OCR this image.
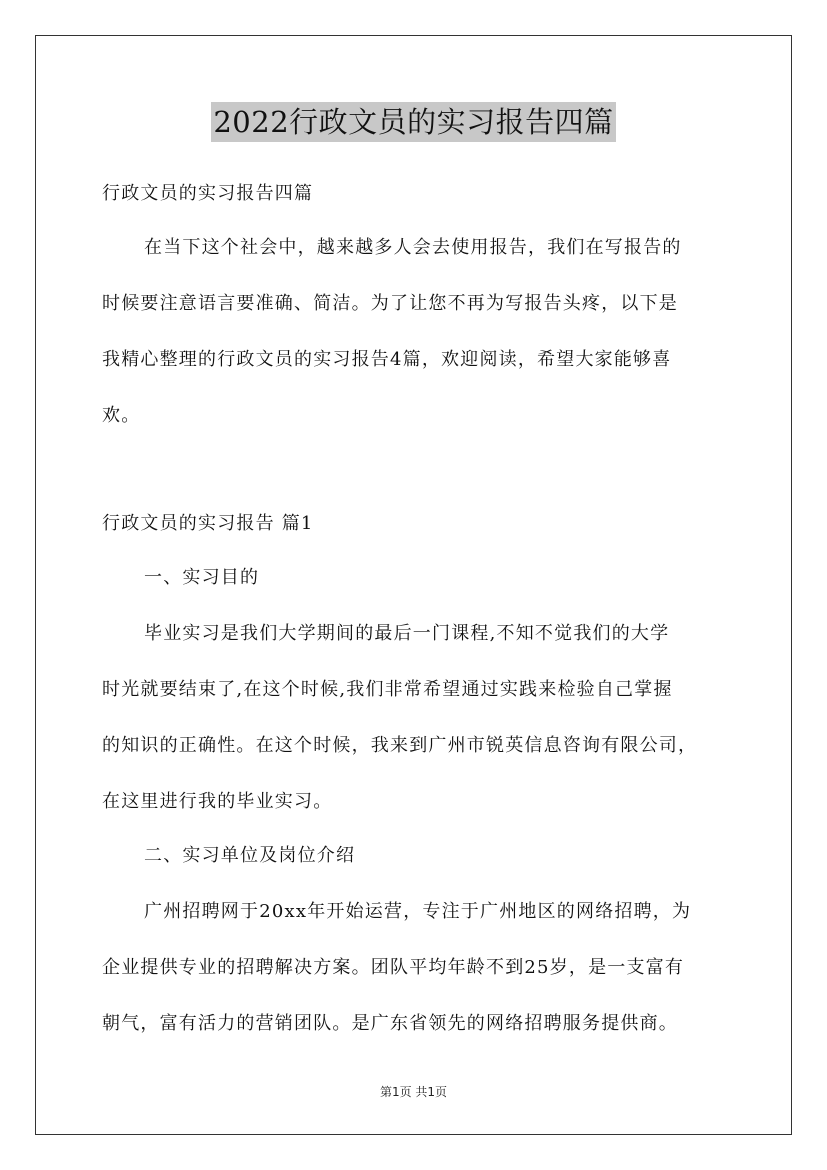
2022行政文员的实习报告四篇
行政文员的实习报告四篇
在当下这个社会中，越来越多人会去使用报告，我们在写报告的
时候要注意语言要准确、简洁。为了让您不再为写报告头疼，以下是
我精心整理的行政文员的实习报告4篇，欢迎阅读，希望大家能够喜
欢。
行政文员的实习报告 篇1
一、实习目的
毕业实习是我们大学期间的最后一门课程,不知不觉我们的大学
时光就要结束了,在这个时候,我们非常希望通过实践来检验自己掌握
的知识的正确性。在这个时候，我来到广州市锐英信息咨询有限公司，
在这里进行我的毕业实习。
二、实习单位及岗位介绍
广州招聘网于20xx年开始运营，专注于广州地区的网络招聘，为
企业提供专业的招聘解决方案。团队平均年龄不到25岁，是一支富有
朝气，富有活力的营销团队。是广东省领先的网络招聘服务提供商。
第1页 共1页
